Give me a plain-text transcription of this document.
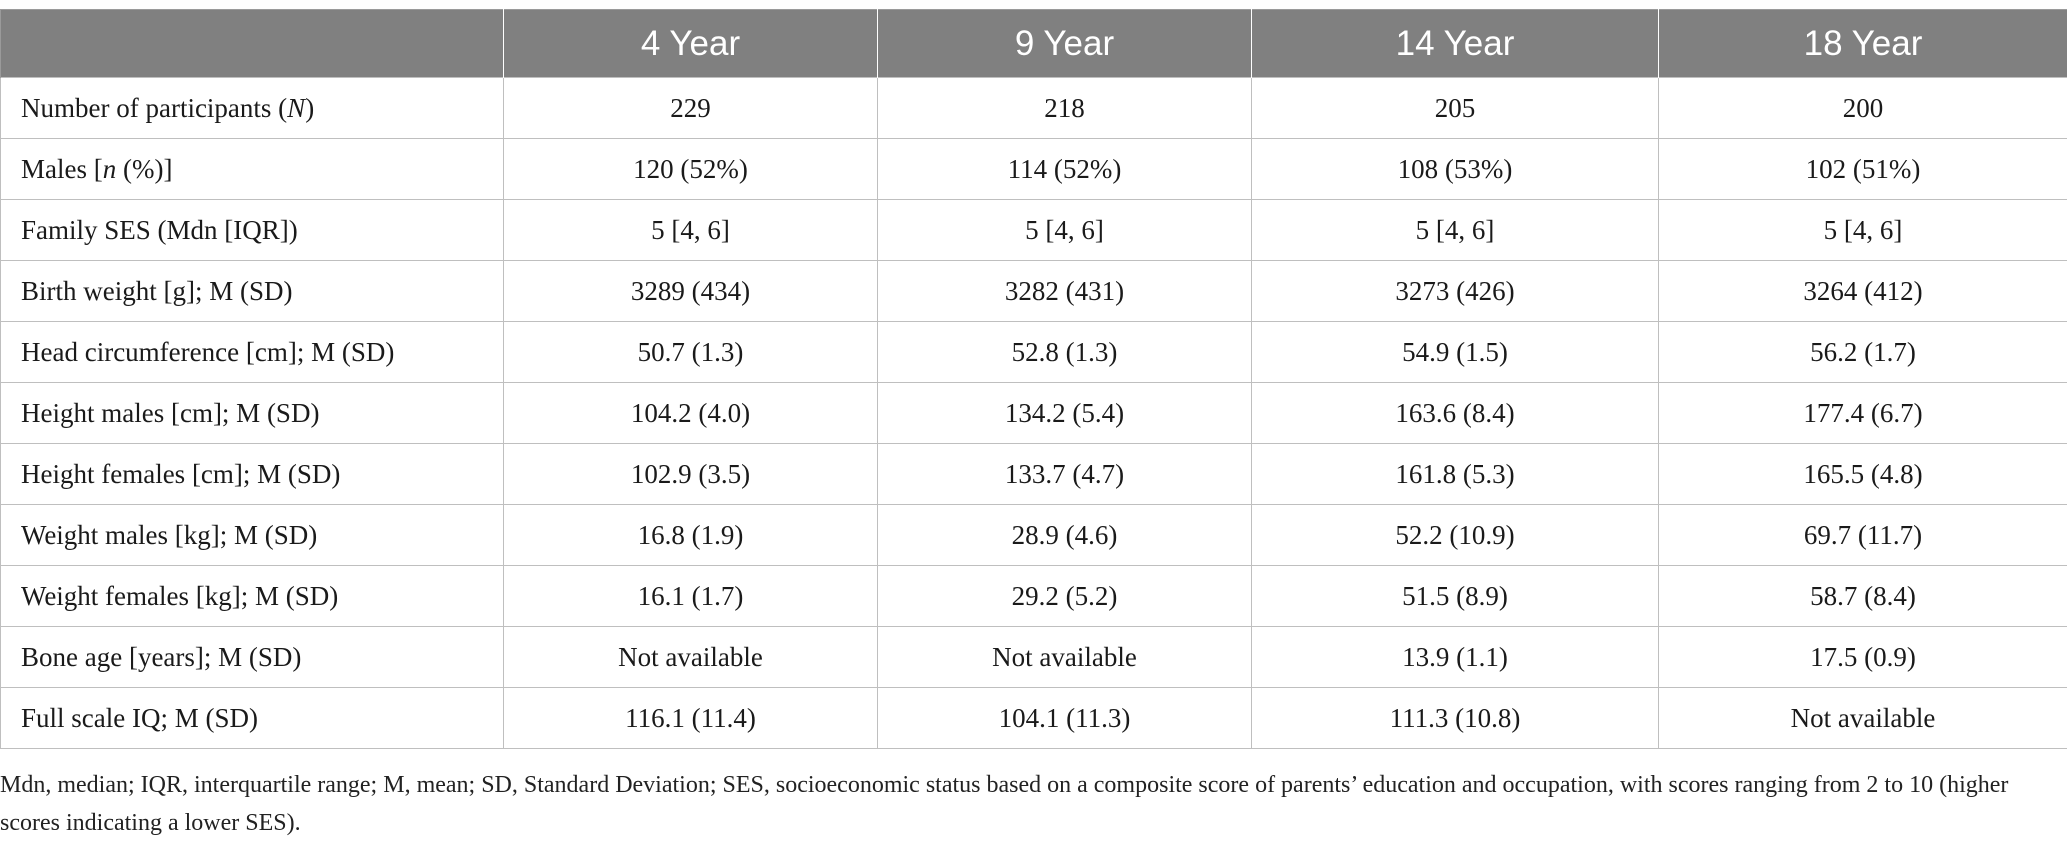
	4 Year	9 Year	14 Year	18 Year
Number of participants (N)	229	218	205	200
Males [n (%)]	120 (52%)	114 (52%)	108 (53%)	102 (51%)
Family SES (Mdn [IQR])	5 [4, 6]	5 [4, 6]	5 [4, 6]	5 [4, 6]
Birth weight [g]; M (SD)	3289 (434)	3282 (431)	3273 (426)	3264 (412)
Head circumference [cm]; M (SD)	50.7 (1.3)	52.8 (1.3)	54.9 (1.5)	56.2 (1.7)
Height males [cm]; M (SD)	104.2 (4.0)	134.2 (5.4)	163.6 (8.4)	177.4 (6.7)
Height females [cm]; M (SD)	102.9 (3.5)	133.7 (4.7)	161.8 (5.3)	165.5 (4.8)
Weight males [kg]; M (SD)	16.8 (1.9)	28.9 (4.6)	52.2 (10.9)	69.7 (11.7)
Weight females [kg]; M (SD)	16.1 (1.7)	29.2 (5.2)	51.5 (8.9)	58.7 (8.4)
Bone age [years]; M (SD)	Not available	Not available	13.9 (1.1)	17.5 (0.9)
Full scale IQ; M (SD)	116.1 (11.4)	104.1 (11.3)	111.3 (10.8)	Not available
Mdn, median; IQR, interquartile range; M, mean; SD, Standard Deviation; SES, socioeconomic status based on a composite score of parents’ education and occupation, with scores ranging from 2 to 10 (higher scores indicating a lower SES).
